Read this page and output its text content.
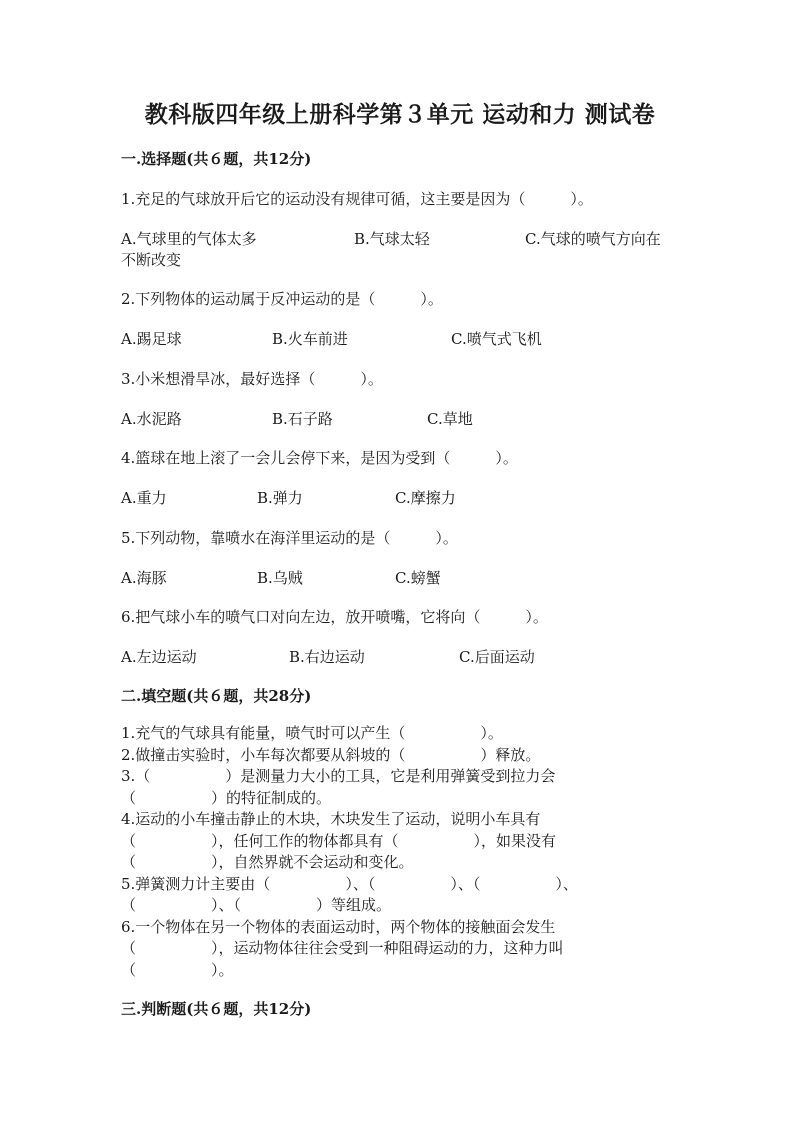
教科版四年级上册科学第３单元 运动和力 测试卷
一.选择题(共６题，共12分)
1.充足的气球放开后它的运动没有规律可循，这主要是因为（　　　）。
A.气球里的气体太多	B.气球太轻	C.气球的喷气方向在
不断改变
2.下列物体的运动属于反冲运动的是（　　　）。
A.踢足球	B.火车前进	C.喷气式飞机
3.小米想滑旱冰，最好选择（　　　）。
A.水泥路	B.石子路	C.草地
4.篮球在地上滚了一会儿会停下来，是因为受到（　　　）。
A.重力	B.弹力	C.摩擦力
5.下列动物，靠喷水在海洋里运动的是（　　　）。
A.海豚	B.乌贼	C.螃蟹
6.把气球小车的喷气口对向左边，放开喷嘴，它将向（　　　）。
A.左边运动	B.右边运动	C.后面运动
二.填空题(共６题，共28分)
1.充气的气球具有能量，喷气时可以产生（　　　　　）。
2.做撞击实验时，小车每次都要从斜坡的（　　　　　）释放。
3.（　　　　　）是测量力大小的工具，它是利用弹簧受到拉力会
（　　　　　）的特征制成的。
4.运动的小车撞击静止的木块，木块发生了运动，说明小车具有
（　　　　　），任何工作的物体都具有（　　　　　），如果没有
（　　　　　），自然界就不会运动和变化。
5.弹簧测力计主要由（　　　　　）、（　　　　　）、（　　　　　）、
（　　　　　）、（　　　　　）等组成。
6.一个物体在另一个物体的表面运动时，两个物体的接触面会发生
（　　　　　），运动物体往往会受到一种阻碍运动的力，这种力叫
（　　　　　）。
三.判断题(共６题，共12分)
